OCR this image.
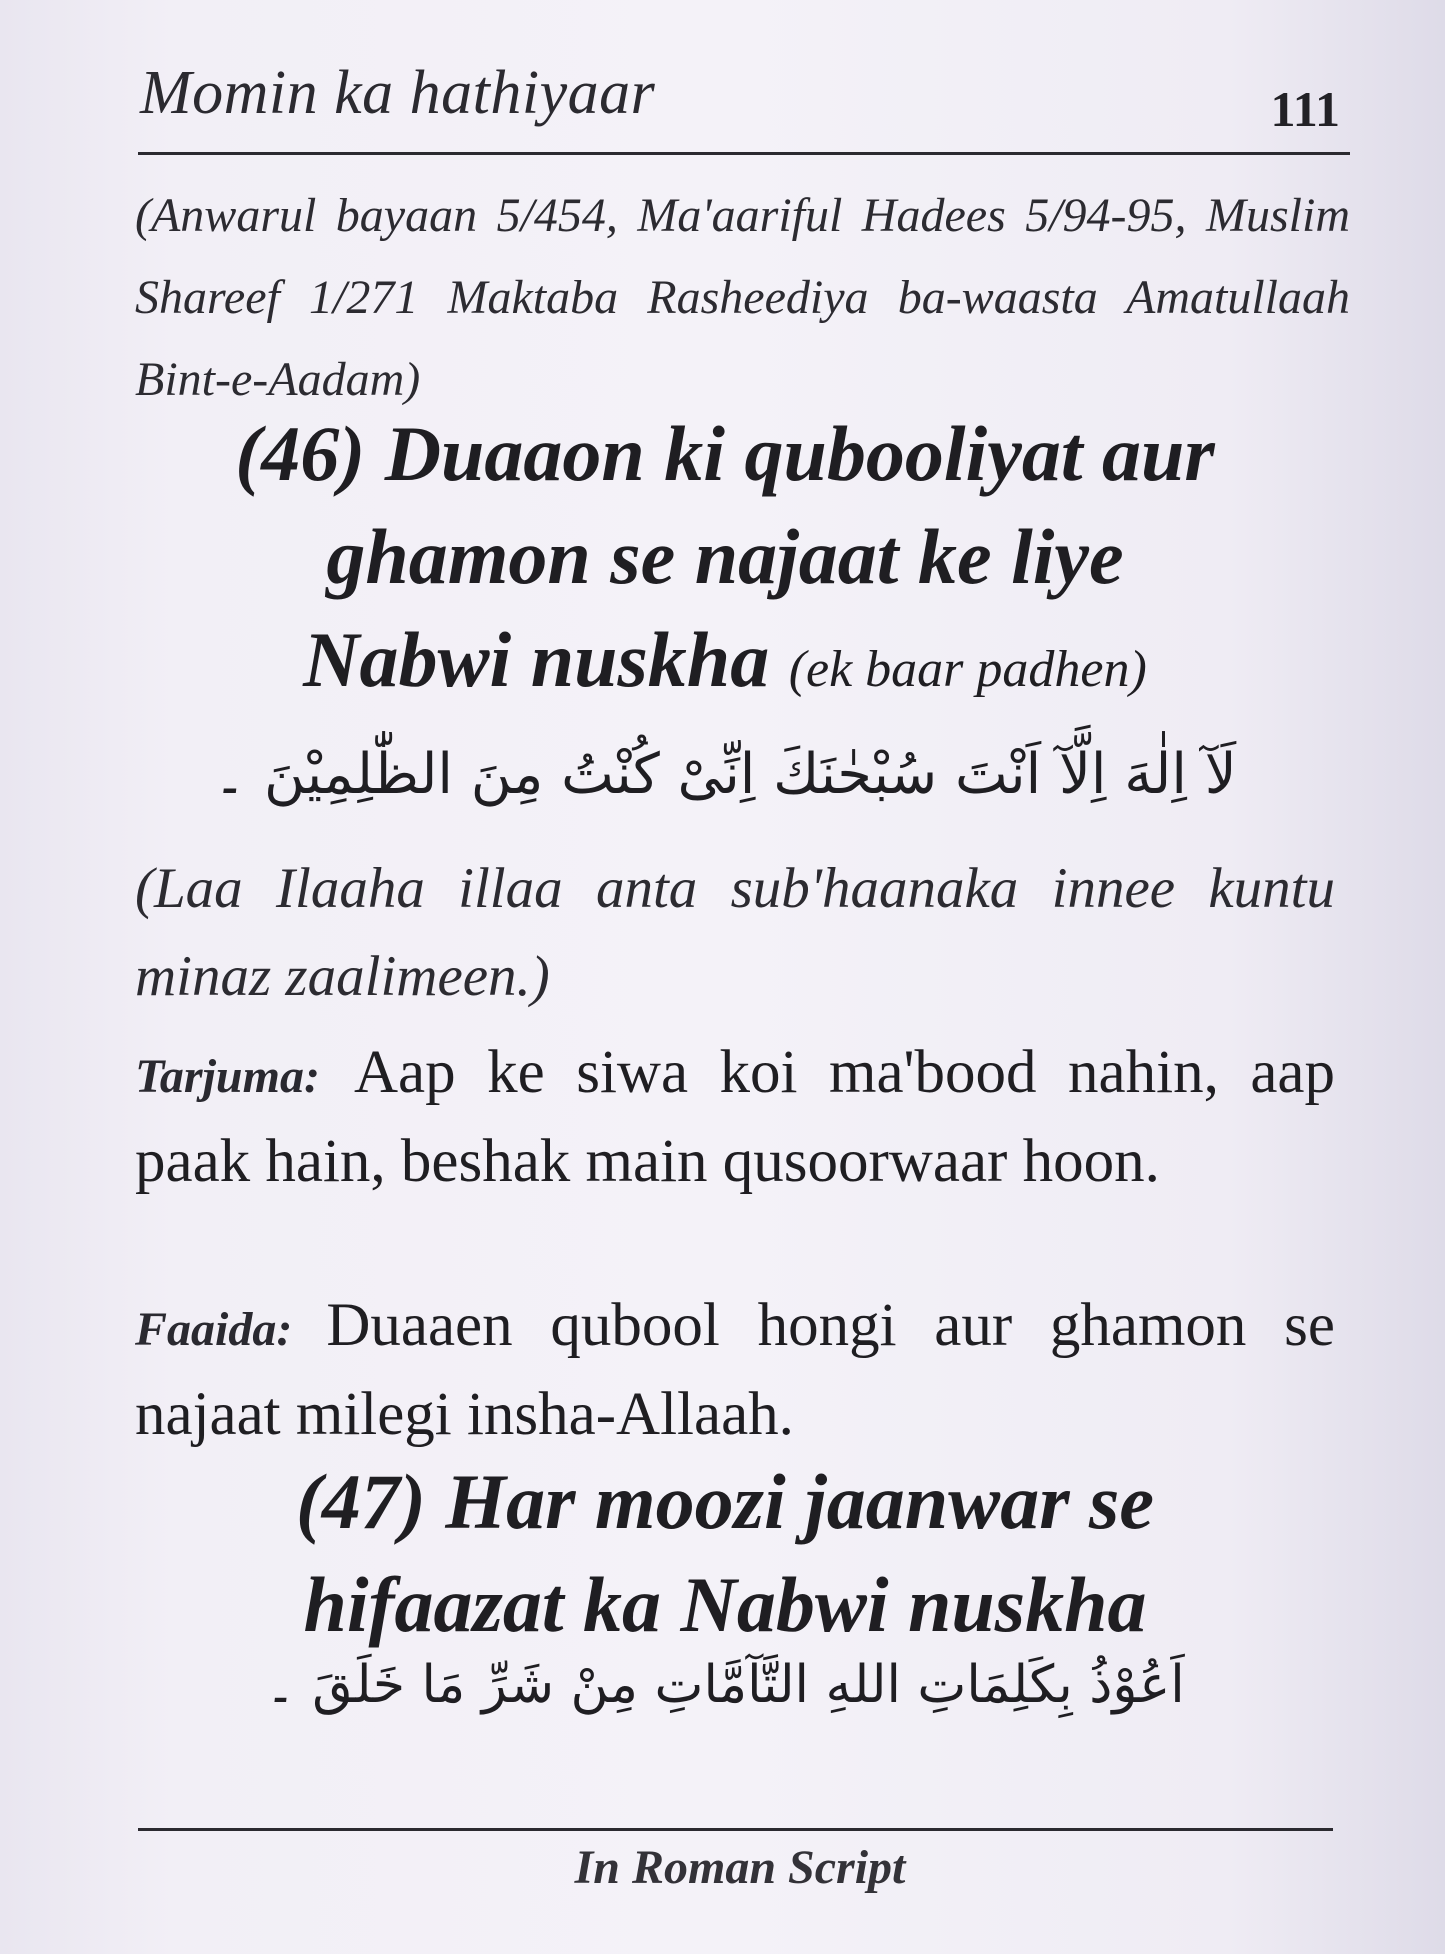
Momin ka hathiyaar	111
(Anwarul bayaan 5/454, Ma'aariful Hadees 5/94-95, Muslim Shareef 1/271 Maktaba Rasheediya ba-waasta Amatullaah Bint-e-Aadam)
(46) Duaaon ki qubooliyat aur
ghamon se najaat ke liye
Nabwi nuskha (ek baar padhen)
لَآ اِلٰهَ اِلَّآ اَنْتَ سُبْحٰنَكَ اِنِّىْ كُنْتُ مِنَ الظّٰلِمِيْنَ ۔
(Laa Ilaaha illaa anta sub'haanaka innee kuntu minaz zaalimeen.)
Tarjuma: Aap ke siwa koi ma'bood nahin, aap paak hain, beshak main qusoorwaar hoon.
Faaida: Duaaen qubool hongi aur ghamon se najaat milegi insha-Allaah.
(47) Har moozi jaanwar se
hifaazat ka Nabwi nuskha
اَعُوْذُ بِكَلِمَاتِ اللهِ التَّآمَّاتِ مِنْ شَرِّ مَا خَلَقَ ۔
In Roman Script
